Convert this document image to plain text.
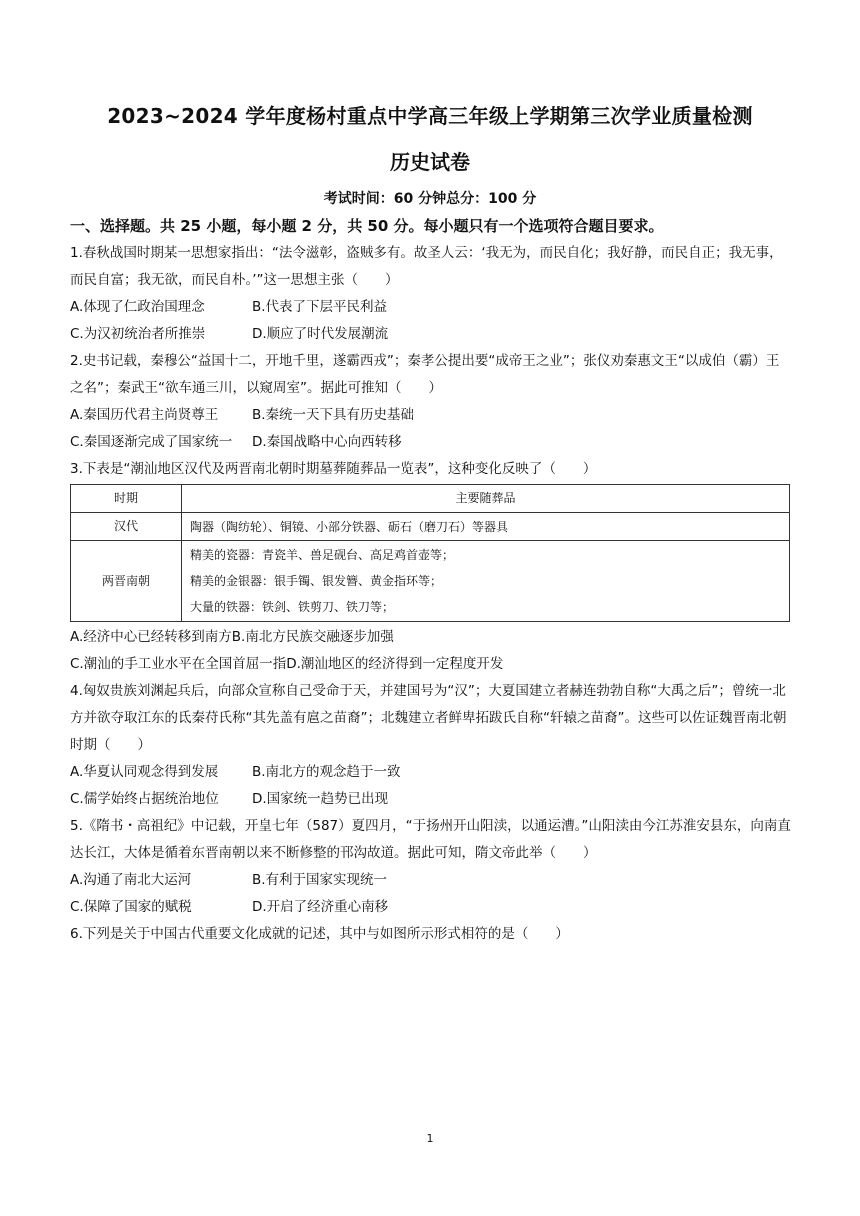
2023~2024 学年度杨村重点中学高三年级上学期第三次学业质量检测
历史试卷
考试时间：60 分钟总分：100 分
一、选择题。共 25 小题，每小题 2 分，共 50 分。每小题只有一个选项符合题目要求。

1.春秋战国时期某一思想家指出：“法令滋彰，盗贼多有。故圣人云：‘我无为，而民自化；我好静，而民自正；我无事，而民自富；我无欲，而民自朴。’”这一思想主张（　　）

A.体现了仁政治国理念	B.代表了下层平民利益
C.为汉初统治者所推崇	D.顺应了时代发展潮流

2.史书记载，秦穆公“益国十二，开地千里，遂霸西戎”；秦孝公提出要“成帝王之业”；张仪劝秦惠文王“以成伯（霸）王之名”；秦武王“欲车通三川，以窥周室”。据此可推知（　　）

A.秦国历代君主尚贤尊王	B.秦统一天下具有历史基础
C.秦国逐渐完成了国家统一	D.秦国战略中心向西转移

3.下表是“潮汕地区汉代及两晋南北朝时期墓葬随葬品一览表”，这种变化反映了（　　）

时期	主要随葬品
汉代	陶器（陶纺轮）、铜镜、小部分铁器、砺石（磨刀石）等器具
两晋南朝	精美的瓷器：青瓷羊、兽足砚台、高足鸡首壶等；
精美的金银器：银手镯、银发簪、黄金指环等；
大量的铁器：铁剑、铁剪刀、铁刀等；
A.经济中心已经转移到南方B.南北方民族交融逐步加强
C.潮汕的手工业水平在全国首屈一指D.潮汕地区的经济得到一定程度开发

4.匈奴贵族刘渊起兵后，向部众宣称自己受命于天，并建国号为“汉”；大夏国建立者赫连勃勃自称“大禹之后”；曾统一北方并欲夺取江东的氐秦苻氏称“其先盖有扈之苗裔”；北魏建立者鲜卑拓跋氏自称“轩辕之苗裔”。这些可以佐证魏晋南北朝时期（　　）

A.华夏认同观念得到发展	B.南北方的观念趋于一致
C.儒学始终占据统治地位	D.国家统一趋势已出现

5.《隋书・高祖纪》中记载，开皇七年（587）夏四月，“于扬州开山阳渎，以通运漕。”山阳渎由今江苏淮安县东，向南直达长江，大体是循着东晋南朝以来不断修整的邗沟故道。据此可知，隋文帝此举（　　）

A.沟通了南北大运河	B.有利于国家实现统一
C.保障了国家的赋税	D.开启了经济重心南移

6.下列是关于中国古代重要文化成就的记述，其中与如图所示形式相符的是（　　）

1
